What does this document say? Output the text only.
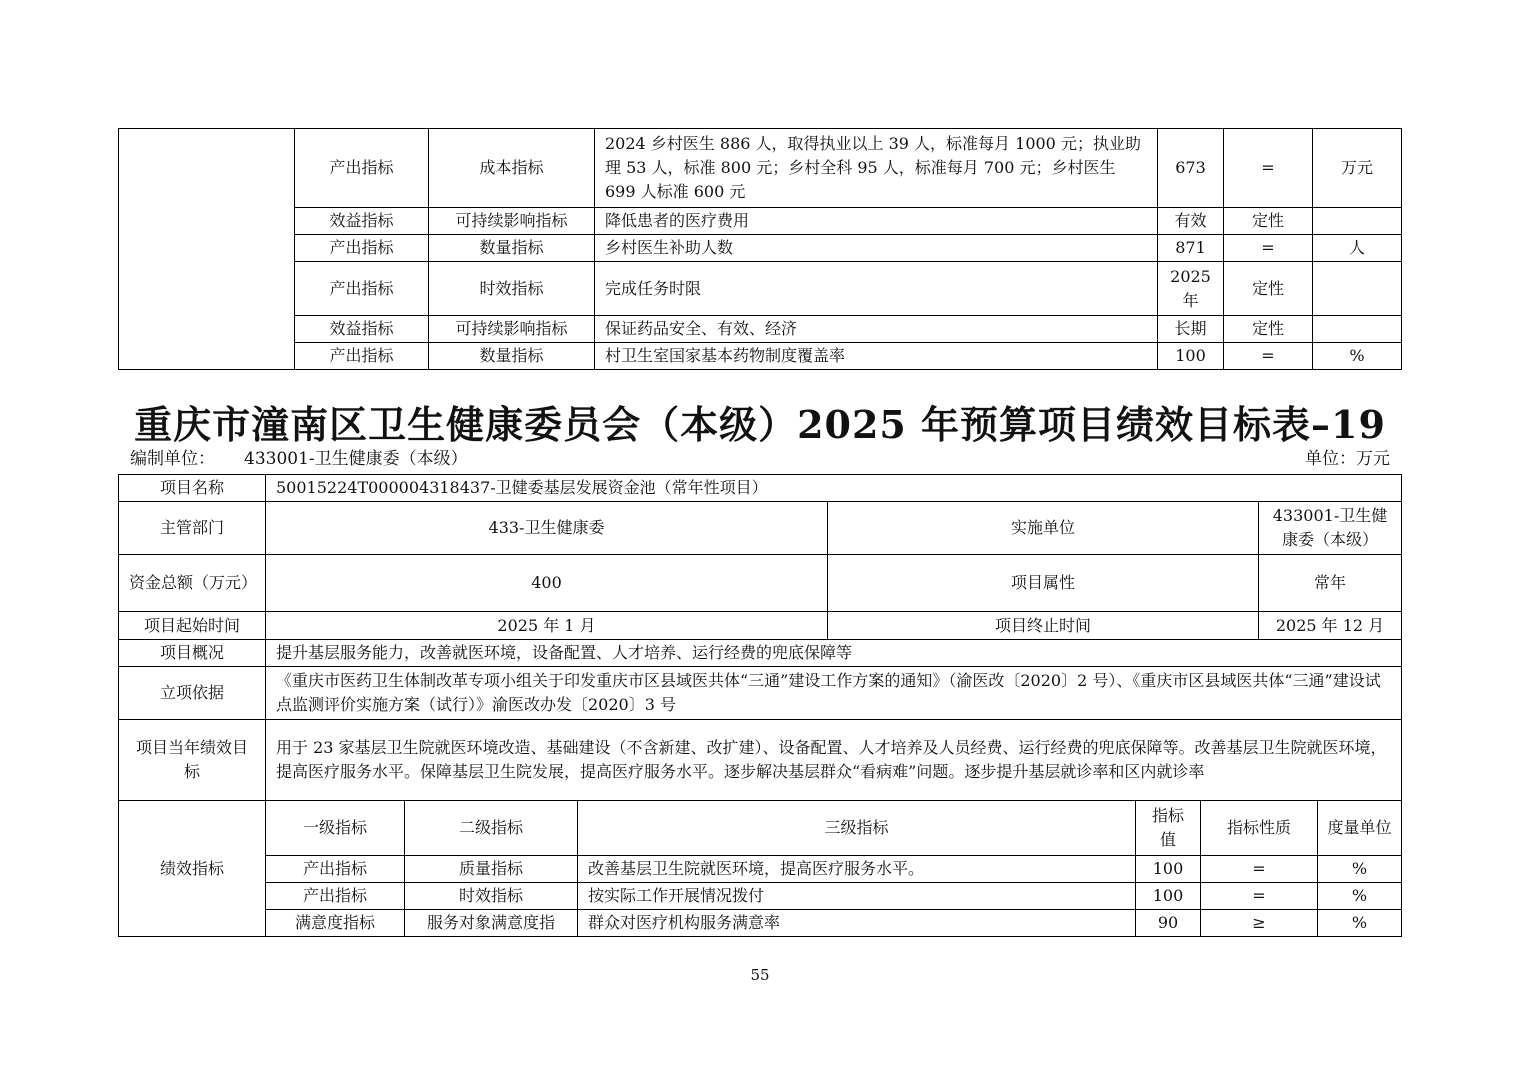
	产出指标	成本指标	2024 乡村医生 886 人，取得执业以上 39 人，标准每月 1000 元；执业助理 53 人，标准 800 元；乡村全科 95 人，标准每月 700 元；乡村医生 699 人标准 600 元	673	=	万元
	效益指标	可持续影响指标	降低患者的医疗费用	有效	定性	
	产出指标	数量指标	乡村医生补助人数	871	=	人
	产出指标	时效指标	完成任务时限	2025 年	定性	
	效益指标	可持续影响指标	保证药品安全、有效、经济	长期	定性	
	产出指标	数量指标	村卫生室国家基本药物制度覆盖率	100	=	%
重庆市潼南区卫生健康委员会（本级）2025 年预算项目绩效目标表–19
编制单位： 433001-卫生健康委（本级）	单位：万元
项目名称	50015224T000004318437-卫健委基层发展资金池（常年性项目）		
主管部门	433-卫生健康委	实施单位	433001-卫生健康委（本级）
资金总额（万元）	400	项目属性	常年
项目起始时间	2025 年 1 月	项目终止时间	2025 年 12 月
项目概况	提升基层服务能力，改善就医环境，设备配置、人才培养、运行经费的兜底保障等		
立项依据	《重庆市医药卫生体制改革专项小组关于印发重庆市区县域医共体“三通”建设工作方案的通知》（渝医改〔2020〕2 号）、《重庆市区县域医共体“三通”建设试点监测评价实施方案（试行）》渝医改办发〔2020〕3 号		
项目当年绩效目标	用于 23 家基层卫生院就医环境改造、基础建设（不含新建、改扩建）、设备配置、人才培养及人员经费、运行经费的兜底保障等。改善基层卫生院就医环境，提高医疗服务水平。保障基层卫生院发展，提高医疗服务水平。逐步解决基层群众“看病难”问题。逐步提升基层就诊率和区内就诊率		
绩效指标	一级指标	二级指标	三级指标	指标值	指标性质	度量单位
	产出指标	质量指标	改善基层卫生院就医环境，提高医疗服务水平。	100	=	%
	产出指标	时效指标	按实际工作开展情况拨付	100	=	%
	满意度指标	服务对象满意度指	群众对医疗机构服务满意率	90	≥	%
55
